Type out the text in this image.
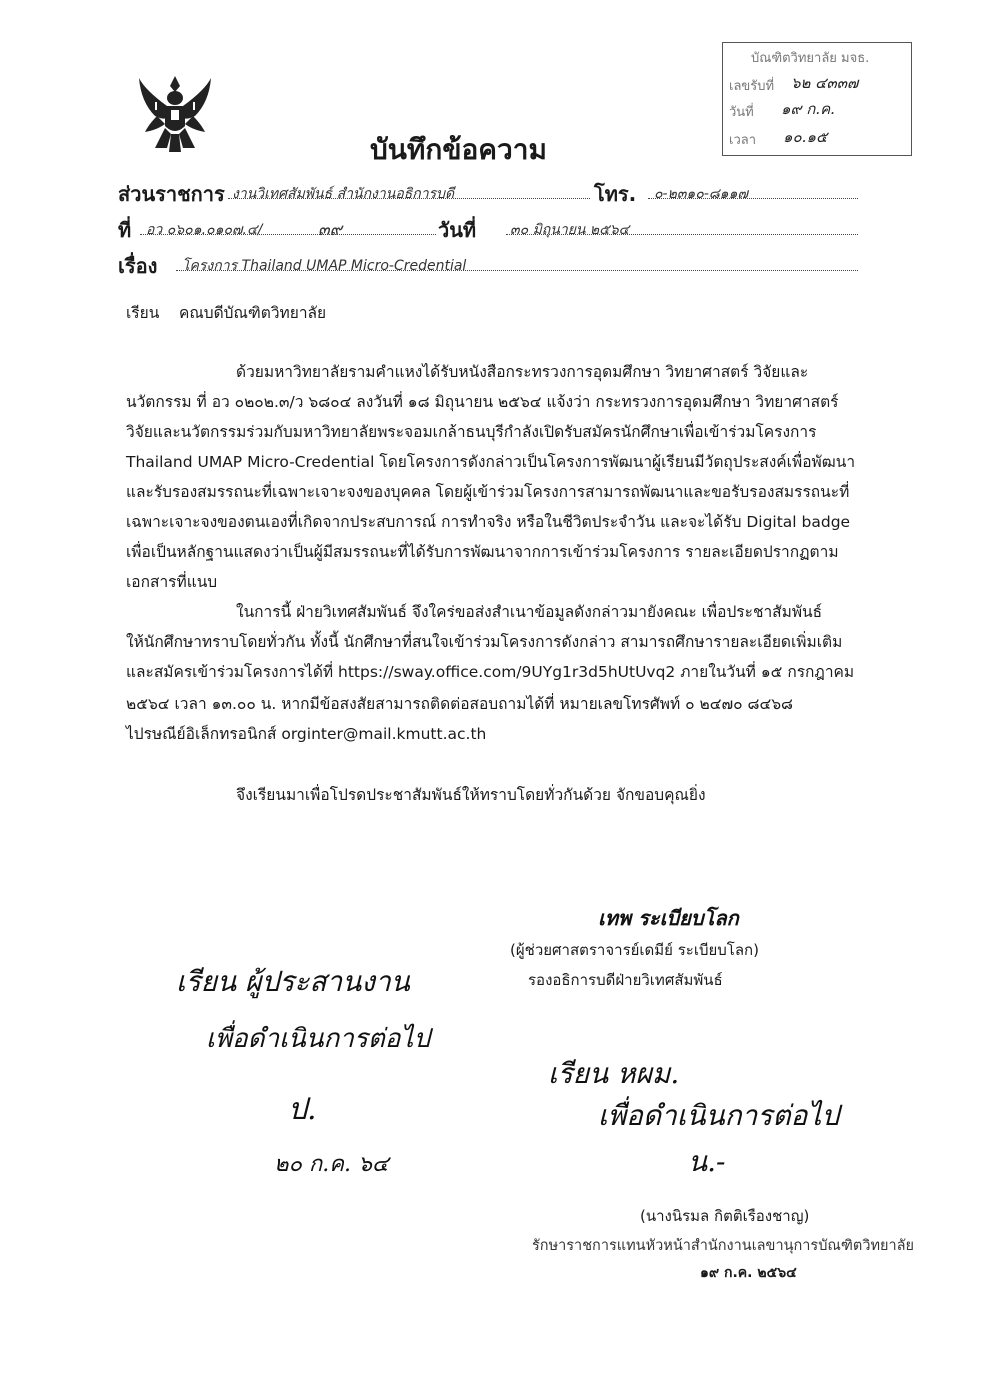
บัณฑิตวิทยาลัย มจธ.
เลขรับที่ ๖๒ ๔๓๓๗
วันที่ ๑๙ ก.ค.
เวลา ๑๐.๑๕
บันทึกข้อความ
ส่วนราชการ งานวิเทศสัมพันธ์ สำนักงานอธิการบดี	โทร. ๐-๒๓๑๐-๘๑๑๗
ที่ อว ๐๖๐๑.๐๑๐๗.๔/	๓๙	วันที่ ๓๐ มิถุนายน ๒๕๖๔
เรื่อง โครงการ Thailand UMAP Micro-Credential
เรียน    คณบดีบัณฑิตวิทยาลัย
ด้วยมหาวิทยาลัยรามคำแหงได้รับหนังสือกระทรวงการอุดมศึกษา วิทยาศาสตร์ วิจัยและ
นวัตกรรม ที่ อว ๐๒๐๒.๓/ว ๖๘๐๔ ลงวันที่ ๑๘ มิถุนายน ๒๕๖๔ แจ้งว่า กระทรวงการอุดมศึกษา วิทยาศาสตร์
วิจัยและนวัตกรรมร่วมกับมหาวิทยาลัยพระจอมเกล้าธนบุรีกำลังเปิดรับสมัครนักศึกษาเพื่อเข้าร่วมโครงการ
Thailand UMAP Micro-Credential โดยโครงการดังกล่าวเป็นโครงการพัฒนาผู้เรียนมีวัตถุประสงค์เพื่อพัฒนา
และรับรองสมรรถนะที่เฉพาะเจาะจงของบุคคล โดยผู้เข้าร่วมโครงการสามารถพัฒนาและขอรับรองสมรรถนะที่
เฉพาะเจาะจงของตนเองที่เกิดจากประสบการณ์ การทำจริง หรือในชีวิตประจำวัน และจะได้รับ Digital badge
เพื่อเป็นหลักฐานแสดงว่าเป็นผู้มีสมรรถนะที่ได้รับการพัฒนาจากการเข้าร่วมโครงการ รายละเอียดปรากฏตาม
เอกสารที่แนบ
ในการนี้ ฝ่ายวิเทศสัมพันธ์ จึงใคร่ขอส่งสำเนาข้อมูลดังกล่าวมายังคณะ เพื่อประชาสัมพันธ์
ให้นักศึกษาทราบโดยทั่วกัน ทั้งนี้ นักศึกษาที่สนใจเข้าร่วมโครงการดังกล่าว สามารถศึกษารายละเอียดเพิ่มเติม
และสมัครเข้าร่วมโครงการได้ที่ https://sway.office.com/9UYg1r3d5hUtUvq2 ภายในวันที่ ๑๕ กรกฎาคม
๒๕๖๔ เวลา ๑๓.๐๐ น. หากมีข้อสงสัยสามารถติดต่อสอบถามได้ที่ หมายเลขโทรศัพท์ ๐ ๒๔๗๐ ๘๔๖๘
ไปรษณีย์อิเล็กทรอนิกส์ orginter@mail.kmutt.ac.th
จึงเรียนมาเพื่อโปรดประชาสัมพันธ์ให้ทราบโดยทั่วกันด้วย จักขอบคุณยิ่ง
เทพ ระเบียบโลก
(ผู้ช่วยศาสตราจารย์เดมีย์ ระเบียบโลก)
รองอธิการบดีฝ่ายวิเทศสัมพันธ์
เรียน ผู้ประสานงาน
เพื่อดำเนินการต่อไป
ป.
๒๐ ก.ค. ๖๔
เรียน หผม.
เพื่อดำเนินการต่อไป
น.-
(นางนิรมล กิตติเรืองชาญ)
รักษาราชการแทนหัวหน้าสำนักงานเลขานุการบัณฑิตวิทยาลัย
๑๙ ก.ค. ๒๕๖๔
